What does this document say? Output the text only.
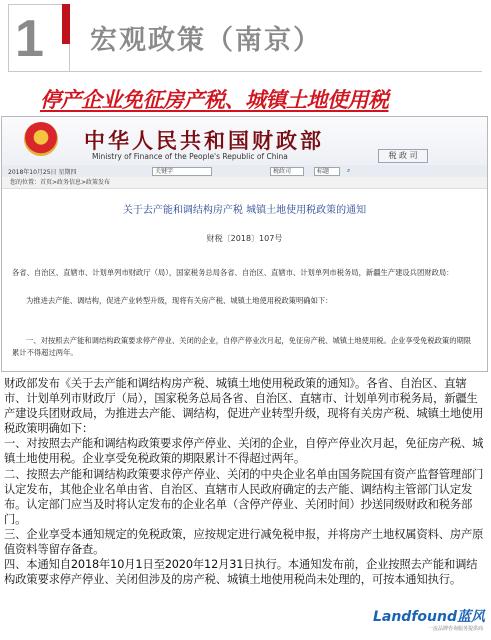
1 宏观政策（南京）
停产企业免征房产税、城镇土地使用税
中华人民共和国财政部
Ministry of Finance of the People's Republic of China	税 政 司
2018年10月25日 星期四	关键字	税政司	标题	⌕
您的位置：首页>政务信息>政策发布
关于去产能和调结构房产税 城镇土地使用税政策的通知
财税〔2018〕107号
各省、自治区、直辖市、计划单列市财政厅（局），国家税务总局各省、自治区、直辖市、计划单列市税务局，新疆生产建设兵团财政局：
为推进去产能、调结构，促进产业转型升级，现将有关房产税、城镇土地使用税政策明确如下：
一、对按照去产能和调结构政策要求停产停业、关闭的企业，自停产停业次月起，免征房产税、城镇土地使用税。企业享受免税政策的期限累计不得超过两年。

财政部发布《关于去产能和调结构房产税、城镇土地使用税政策的通知》。各省、自治区、直辖市、计划单列市财政厅（局），国家税务总局各省、自治区、直辖市、计划单列市税务局，新疆生产建设兵团财政局，为推进去产能、调结构，促进产业转型升级，现将有关房产税、城镇土地使用税政策明确如下：

一、对按照去产能和调结构政策要求停产停业、关闭的企业，自停产停业次月起，免征房产税、城镇土地使用税。企业享受免税政策的期限累计不得超过两年。

二、按照去产能和调结构政策要求停产停业、关闭的中央企业名单由国务院国有资产监督管理部门认定发布，其他企业名单由省、自治区、直辖市人民政府确定的去产能、调结构主管部门认定发布。认定部门应当及时将认定发布的企业名单（含停产停业、关闭时间）抄送同级财政和税务部门。

三、企业享受本通知规定的免税政策，应按规定进行减免税申报，并将房产土地权属资料、房产原值资料等留存备查。

四、本通知自2018年10月1日至2020年12月31日执行。本通知发布前，企业按照去产能和调结构政策要求停产停业、关闭但涉及的房产税、城镇土地使用税尚未处理的，可按本通知执行。

Landfound蓝风
一流品牌咨询服务提供商
